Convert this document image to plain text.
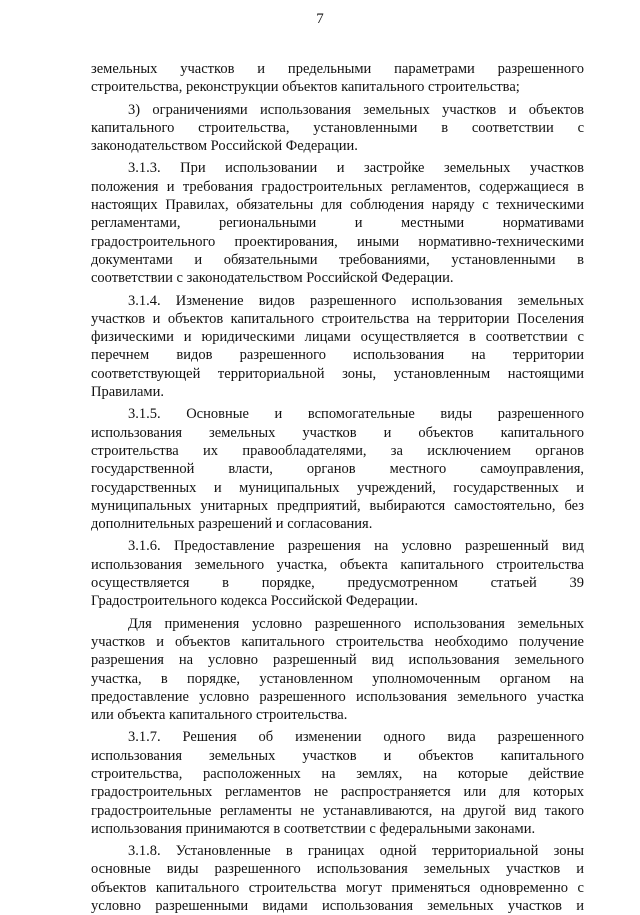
7
земельных участков и предельными параметрами разрешенного
строительства, реконструкции объектов капитального строительства;
3) ограничениями использования земельных участков и объектов
капитального строительства, установленными в соответствии с
законодательством Российской Федерации.
3.1.3. При использовании и застройке земельных участков
положения и требования градостроительных регламентов, содержащиеся в
настоящих Правилах, обязательны для соблюдения наряду с техническими
регламентами, региональными и местными нормативами
градостроительного проектирования, иными нормативно-техническими
документами и обязательными требованиями, установленными в
соответствии с законодательством Российской Федерации.
3.1.4. Изменение видов разрешенного использования земельных
участков и объектов капитального строительства на территории Поселения
физическими и юридическими лицами осуществляется в соответствии с
перечнем видов разрешенного использования на территории
соответствующей территориальной зоны, установленным настоящими
Правилами.
3.1.5. Основные и вспомогательные виды разрешенного
использования земельных участков и объектов капитального
строительства их правообладателями, за исключением органов
государственной власти, органов местного самоуправления,
государственных и муниципальных учреждений, государственных и
муниципальных унитарных предприятий, выбираются самостоятельно, без
дополнительных разрешений и согласования.
3.1.6. Предоставление разрешения на условно разрешенный вид
использования земельного участка, объекта капитального строительства
осуществляется в порядке, предусмотренном статьей 39
Градостроительного кодекса Российской Федерации.
Для применения условно разрешенного использования земельных
участков и объектов капитального строительства необходимо получение
разрешения на условно разрешенный вид использования земельного
участка, в порядке, установленном уполномоченным органом на
предоставление условно разрешенного использования земельного участка
или объекта капитального строительства.
3.1.7. Решения об изменении одного вида разрешенного
использования земельных участков и объектов капитального
строительства, расположенных на землях, на которые действие
градостроительных регламентов не распространяется или для которых
градостроительные регламенты не устанавливаются, на другой вид такого
использования принимаются в соответствии с федеральными законами.
3.1.8. Установленные в границах одной территориальной зоны
основные виды разрешенного использования земельных участков и
объектов капитального строительства могут применяться одновременно с
условно разрешенными видами использования земельных участков и
